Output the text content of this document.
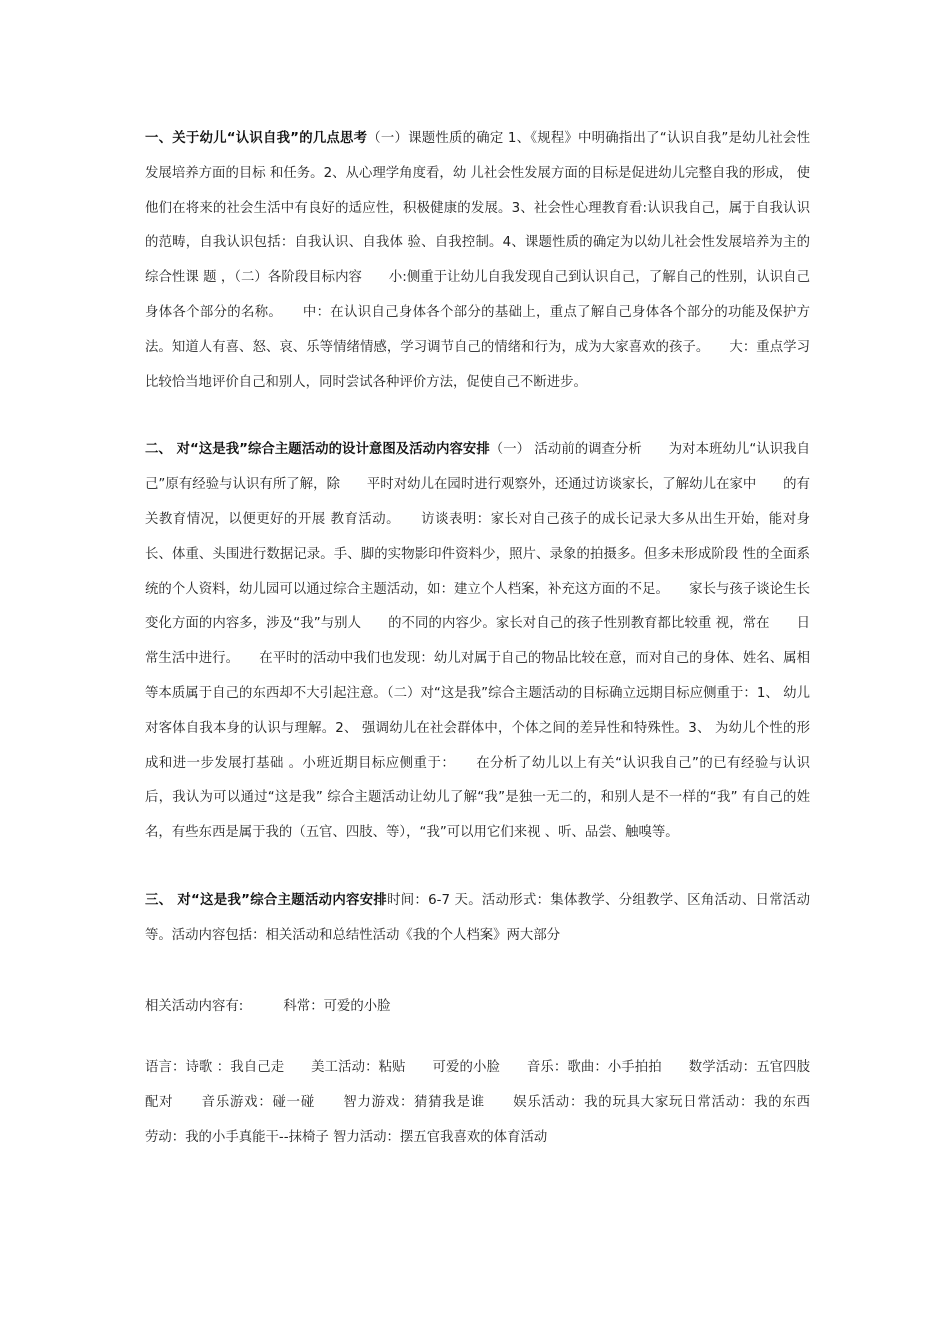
一、关于幼儿“认识自我”的几点思考（一）课题性质的确定 1、《规程》中明确指出了“认识自我”是幼儿社会性发展培养方面的目标 和任务。2、从心理学角度看，幼 儿社会性发展方面的目标是促进幼儿完整自我的形成， 使他们在将来的社会生活中有良好的适应性，积极健康的发展。3、社会性心理教育看:认识我自己，属于自我认识的范畴，自我认识包括：自我认识、自我体 验、自我控制。4、课题性质的确定为以幼儿社会性发展培养为主的综合性课 题 ，（二）各阶段目标内容　　小:侧重于让幼儿自我发现自己到认识自己，了解自己的性别，认识自己身体各个部分的名称。　　中：在认识自己身体各个部分的基础上，重点了解自己身体各个部分的功能及保护方法。知道人有喜、怒、哀、乐等情绪情感，学习调节自己的情绪和行为，成为大家喜欢的孩子。　　大：重点学习比较恰当地评价自己和别人，同时尝试各种评价方法，促使自己不断进步。

二、 对“这是我”综合主题活动的设计意图及活动内容安排（一） 活动前的调查分析　　为对本班幼儿“认识我自己”原有经验与认识有所了解，除　　平时对幼儿在园时进行观察外，还通过访谈家长，了解幼儿在家中　　的有关教育情况，以便更好的开展 教育活动。　　访谈表明：家长对自己孩子的成长记录大多从出生开始，能对身长、体重、头围进行数据记录。手、脚的实物影印件资料少，照片、录象的拍摄多。但多未形成阶段 性的全面系统的个人资料，幼儿园可以通过综合主题活动，如：建立个人档案，补充这方面的不足。　　家长与孩子谈论生长变化方面的内容多，涉及“我”与别人　　的不同的内容少。家长对自己的孩子性别教育都比较重 视，常在　　日常生活中进行。　　在平时的活动中我们也发现：幼儿对属于自己的物品比较在意，而对自己的身体、姓名、属相等本质属于自己的东西却不大引起注意。（二）对“这是我”综合主题活动的目标确立远期目标应侧重于：1、 幼儿对客体自我本身的认识与理解。2、 强调幼儿在社会群体中，个体之间的差异性和特殊性。3、 为幼儿个性的形成和进一步发展打基础 。小班近期目标应侧重于：　　在分析了幼儿以上有关“认识我自己”的已有经验与认识后，我认为可以通过“这是我” 综合主题活动让幼儿了解“我”是独一无二的，和别人是不一样的“我” 有自己的姓名，有些东西是属于我的（五官、四肢、等），“我”可以用它们来视 、听、品尝、触嗅等。

三、 对“这是我”综合主题活动内容安排时间：6-7 天。活动形式：集体教学、分组教学、区角活动、日常活动等。活动内容包括：相关活动和总结性活动《我的个人档案》两大部分

相关活动内容有:　　　科常：可爱的小脸

语言：诗歌 ：我自己走　　美工活动：粘贴　　可爱的小脸　　音乐：歌曲：小手拍拍　　数学活动：五官四肢配对　　音乐游戏：碰一碰　　智力游戏：猜猜我是谁　　娱乐活动：我的玩具大家玩日常活动：我的东西　　劳动：我的小手真能干--抹椅子 智力活动：摆五官我喜欢的体育活动
